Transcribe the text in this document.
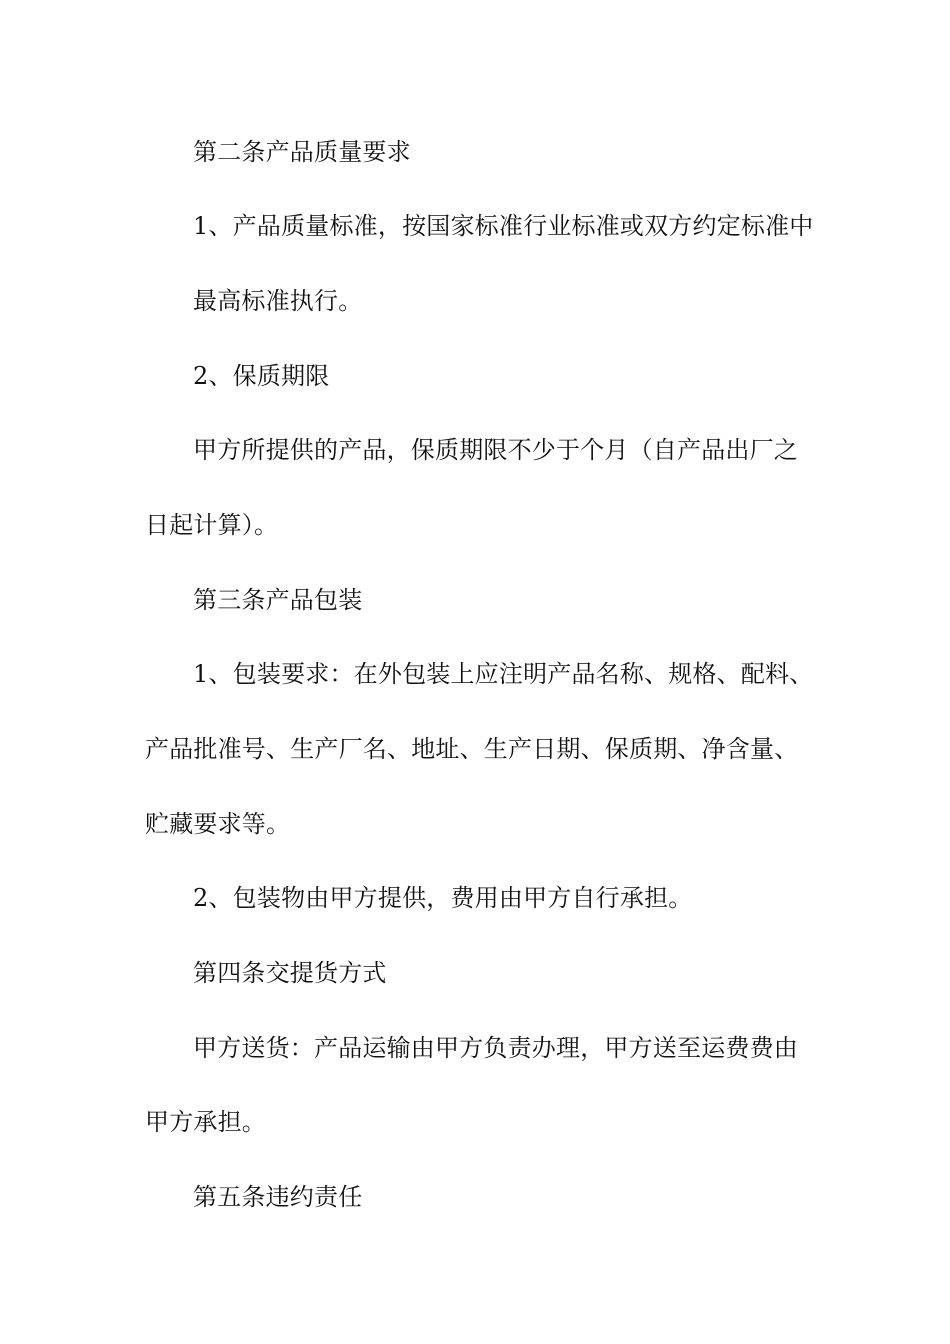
第二条产品质量要求
1、产品质量标准，按国家标准行业标准或双方约定标准中
最高标准执行。
2、保质期限
甲方所提供的产品，保质期限不少于个月（自产品出厂之
日起计算）。
第三条产品包装
1、包装要求：在外包装上应注明产品名称、规格、配料、
产品批准号、生产厂名、地址、生产日期、保质期、净含量、
贮藏要求等。
2、包装物由甲方提供，费用由甲方自行承担。
第四条交提货方式
甲方送货：产品运输由甲方负责办理，甲方送至运费费由
甲方承担。
第五条违约责任
